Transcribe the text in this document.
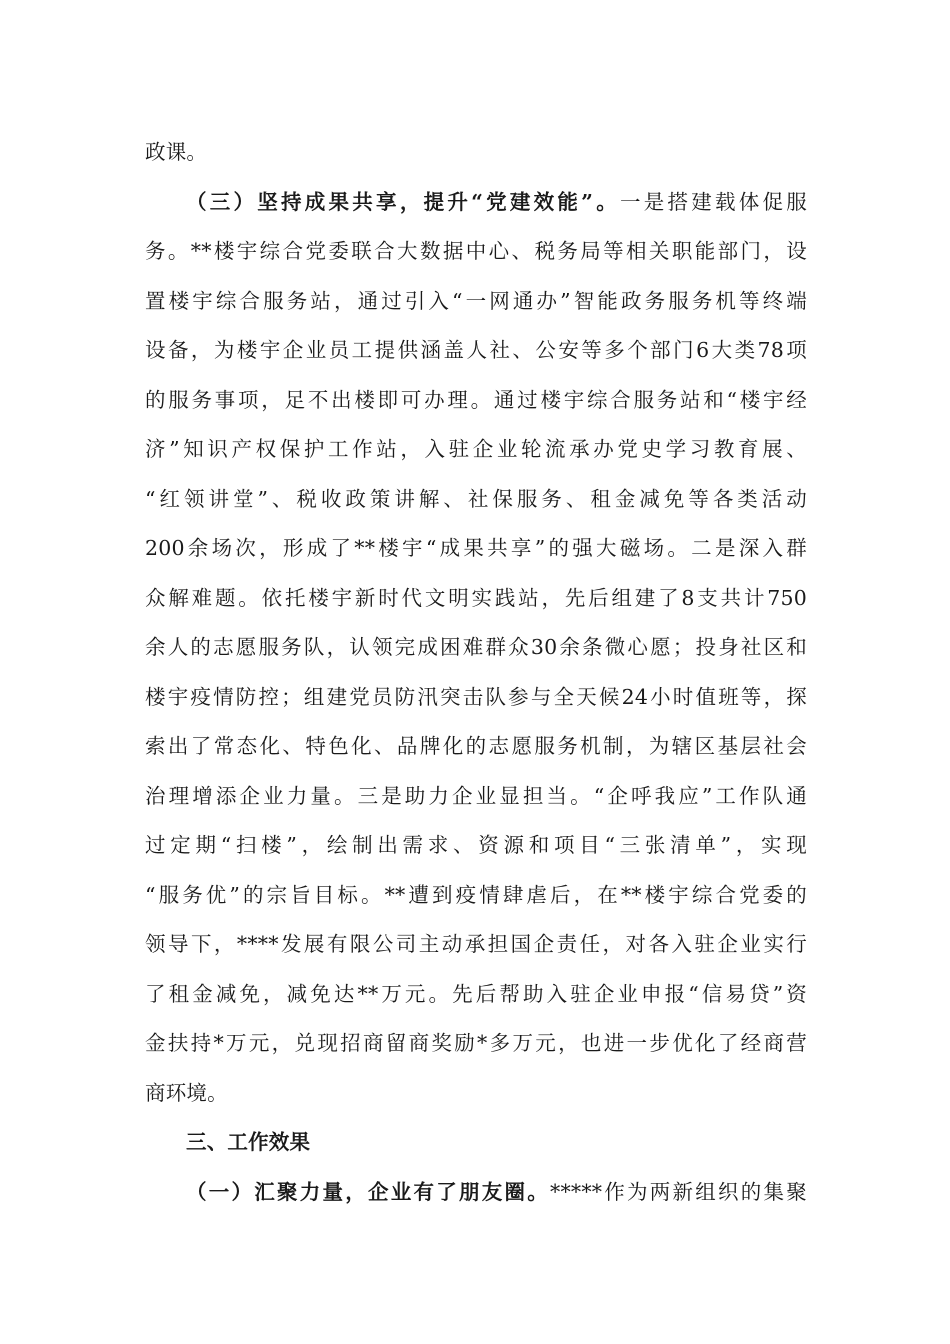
政课。
（三）坚持成果共享，提升“党建效能”。一是搭建载体促服
务。**楼宇综合党委联合大数据中心、税务局等相关职能部门，设
置楼宇综合服务站，通过引入“一网通办”智能政务服务机等终端
设备，为楼宇企业员工提供涵盖人社、公安等多个部门6大类78项
的服务事项，足不出楼即可办理。通过楼宇综合服务站和“楼宇经
济”知识产权保护工作站，入驻企业轮流承办党史学习教育展、
“红领讲堂”、税收政策讲解、社保服务、租金减免等各类活动
200余场次，形成了**楼宇“成果共享”的强大磁场。二是深入群
众解难题。依托楼宇新时代文明实践站，先后组建了8支共计750
余人的志愿服务队，认领完成困难群众30余条微心愿；投身社区和
楼宇疫情防控；组建党员防汛突击队参与全天候24小时值班等，探
索出了常态化、特色化、品牌化的志愿服务机制，为辖区基层社会
治理增添企业力量。三是助力企业显担当。“企呼我应”工作队通
过定期“扫楼”，绘制出需求、资源和项目“三张清单”，实现
“服务优”的宗旨目标。**遭到疫情肆虐后，在**楼宇综合党委的
领导下，****发展有限公司主动承担国企责任，对各入驻企业实行
了租金减免，减免达**万元。先后帮助入驻企业申报“信易贷”资
金扶持*万元，兑现招商留商奖励*多万元，也进一步优化了经商营
商环境。
三、工作效果
（一）汇聚力量，企业有了朋友圈。*****作为两新组织的集聚
